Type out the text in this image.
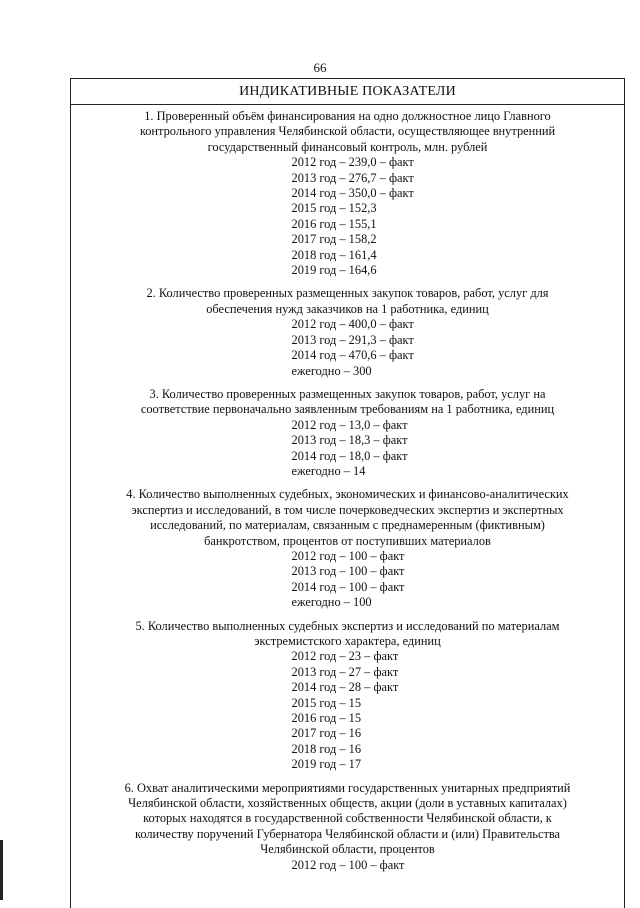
66
ИНДИКАТИВНЫЕ ПОКАЗАТЕЛИ
1. Проверенный объём финансирования на одно должностное лицо Главного
контрольного управления Челябинской области, осуществляющее внутренний
государственный финансовый контроль, млн. рублей
2012 год – 239,0 – факт
2013 год – 276,7 – факт
2014 год – 350,0 – факт
2015 год – 152,3
2016 год – 155,1
2017 год – 158,2
2018 год – 161,4
2019 год – 164,6
2. Количество проверенных размещенных закупок товаров, работ, услуг для
обеспечения нужд заказчиков на 1 работника, единиц
2012 год – 400,0 – факт
2013 год – 291,3 – факт
2014 год – 470,6 – факт
ежегодно – 300
3. Количество проверенных размещенных закупок товаров, работ, услуг на
соответствие первоначально заявленным требованиям на 1 работника, единиц
2012 год – 13,0 – факт
2013 год – 18,3 – факт
2014 год – 18,0 – факт
ежегодно – 14
4. Количество выполненных судебных, экономических и финансово-аналитических
экспертиз и исследований, в том числе почерковедческих экспертиз и экспертных
исследований, по материалам, связанным с преднамеренным (фиктивным)
банкротством, процентов от поступивших материалов
2012 год – 100 – факт
2013 год – 100 – факт
2014 год – 100 – факт
ежегодно – 100
5. Количество выполненных судебных экспертиз и исследований по материалам
экстремистского характера, единиц
2012 год – 23 – факт
2013 год – 27 – факт
2014 год – 28 – факт
2015 год – 15
2016 год – 15
2017 год – 16
2018 год – 16
2019 год – 17
6. Охват аналитическими мероприятиями государственных унитарных предприятий
Челябинской области, хозяйственных обществ, акции (доли в уставных капиталах)
которых находятся в государственной собственности Челябинской области, к
количеству поручений Губернатора Челябинской области и (или) Правительства
Челябинской области, процентов
2012 год – 100 – факт
